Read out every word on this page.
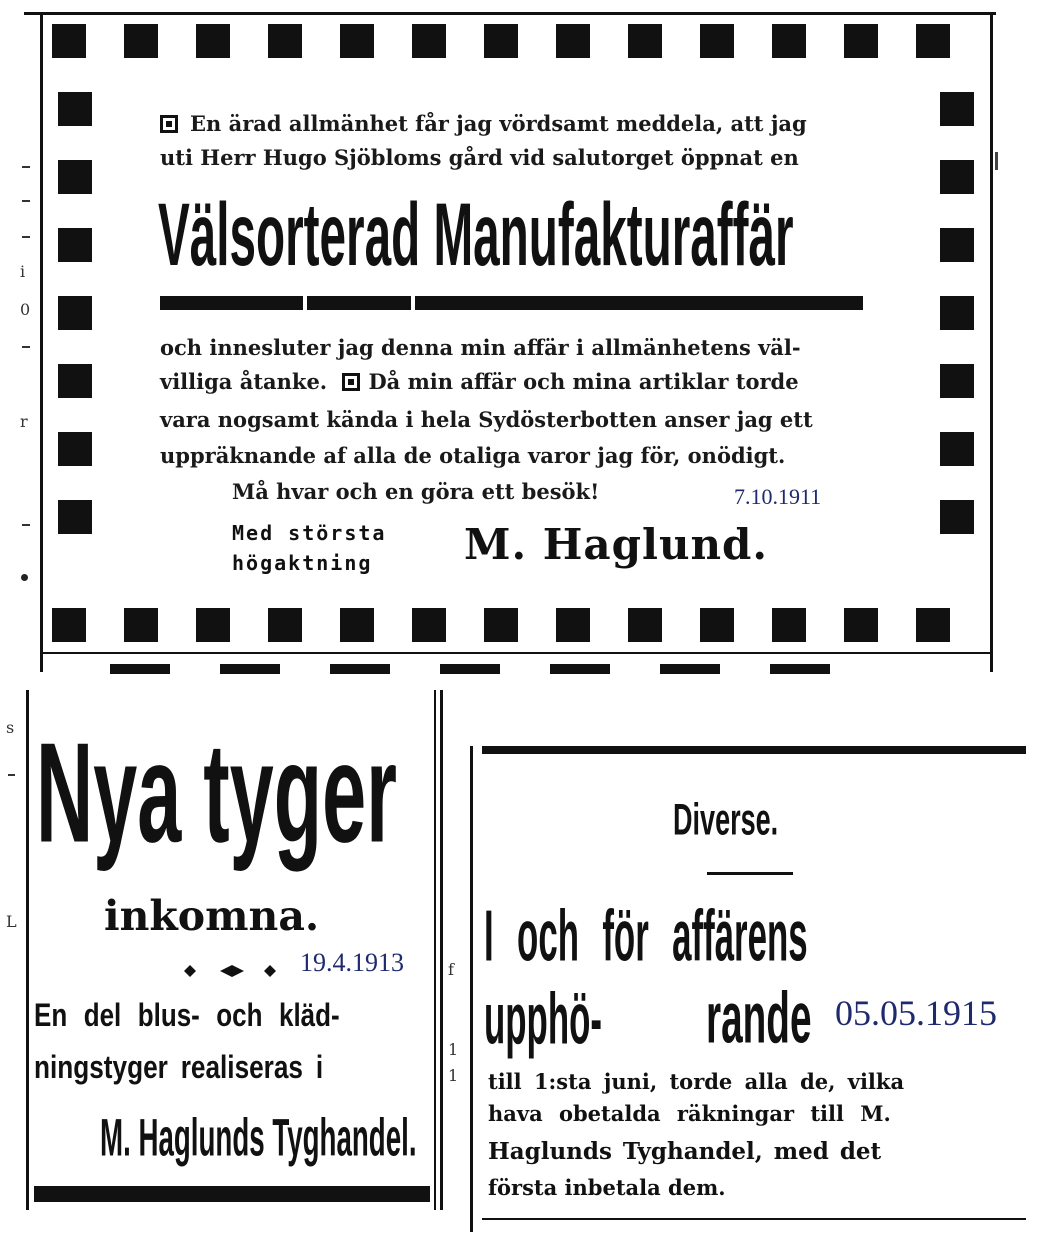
En ärad allmänhet får jag vördsamt meddela, att jag
uti Herr Hugo Sjöbloms gård vid salutorget öppnat en
Välsorterad Manufakturaffär
och innesluter jag denna min affär i allmänhetens väl-
villiga åtanke. Då min affär och mina artiklar torde
vara nogsamt kända i hela Sydösterbotten anser jag ett
uppräknande af alla de otaliga varor jag för, onödigt.
Må hvar och en göra ett besök!	7.10.1911
Med största
högaktning M. Haglund.
i
0
r
Nya tyger
inkomna.
19.4.1913
En del blus- och kläd-
ningstyger realiseras i
M. Haglunds Tyghandel.
s
L
f
1
1
Diverse.
I och för affärens upphö-	rande 05.05.1915
till 1:sta juni, torde alla de, vilka
hava obetalda räkningar till M.
Haglunds Tyghandel, med det
första inbetala dem.
